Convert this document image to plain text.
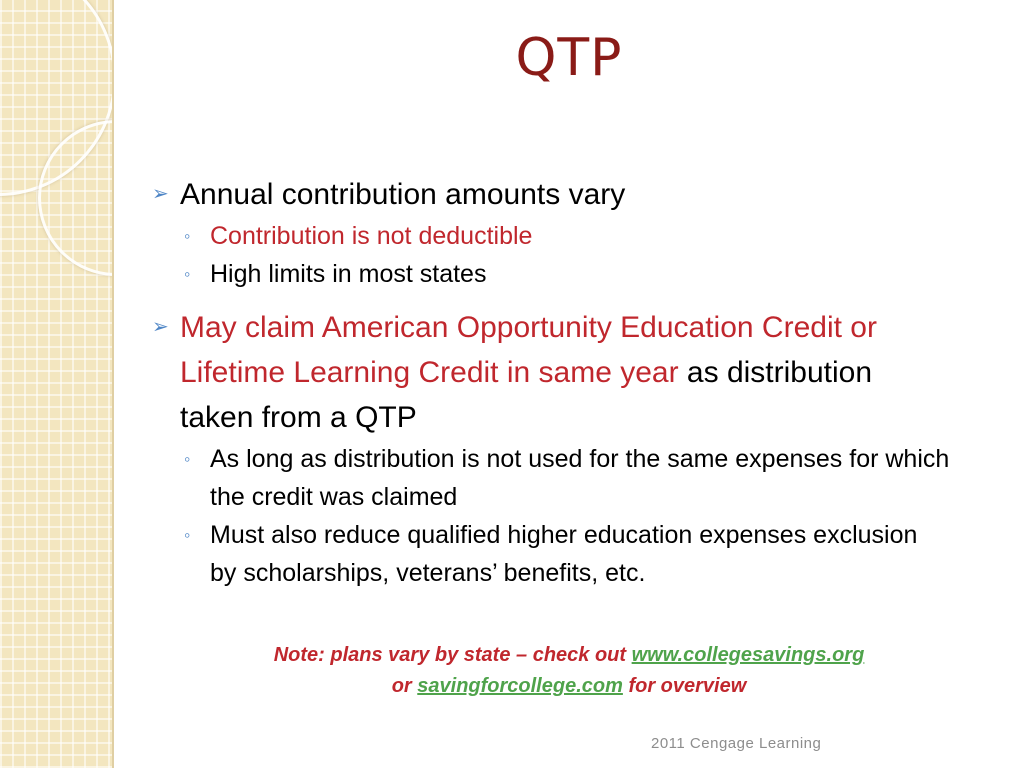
QTP
➢ Annual contribution amounts vary
◦ Contribution is not deductible
◦ High limits in most states
➢ May claim American Opportunity Education Credit or Lifetime Learning Credit in same year as distribution taken from a QTP
◦ As long as distribution is not used for the same expenses for which the credit was claimed
◦ Must also reduce qualified higher education expenses exclusion by scholarships, veterans’ benefits, etc.
Note: plans vary by state – check out www.collegesavings.org
or savingforcollege.com for overview
2011 Cengage Learning
